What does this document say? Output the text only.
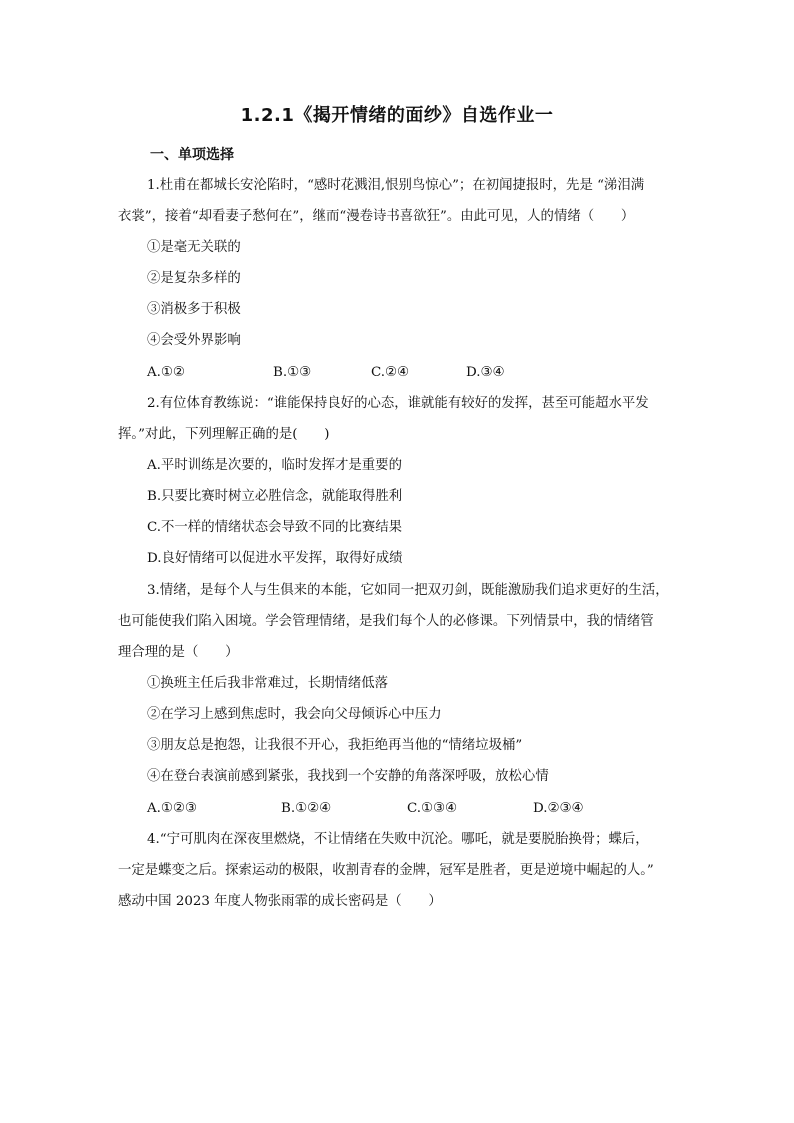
1.2.1《揭开情绪的面纱》自选作业一
一、单项选择
1.杜甫在都城长安沦陷时，“感时花溅泪,恨别鸟惊心”；在初闻捷报时，先是 “涕泪满
衣裳”，接着“却看妻子愁何在”，继而“漫卷诗书喜欲狂”。由此可见，人的情绪（　　）
①是毫无关联的
②是复杂多样的
③消极多于积极
④会受外界影响
A.①②	B.①③	C.②④	D.③④
2.有位体育教练说：“谁能保持良好的心态，谁就能有较好的发挥，甚至可能超水平发
挥。”对此，下列理解正确的是(　　)
A.平时训练是次要的，临时发挥才是重要的
B.只要比赛时树立必胜信念，就能取得胜利
C.不一样的情绪状态会导致不同的比赛结果
D.良好情绪可以促进水平发挥，取得好成绩
3.情绪，是每个人与生俱来的本能，它如同一把双刃剑，既能激励我们追求更好的生活，
也可能使我们陷入困境。学会管理情绪，是我们每个人的必修课。下列情景中，我的情绪管
理合理的是（　　）
①换班主任后我非常难过，长期情绪低落
②在学习上感到焦虑时，我会向父母倾诉心中压力
③朋友总是抱怨，让我很不开心，我拒绝再当他的“情绪垃圾桶”
④在登台表演前感到紧张，我找到一个安静的角落深呼吸，放松心情
A.①②③	B.①②④	C.①③④	D.②③④
4.“宁可肌肉在深夜里燃烧，不让情绪在失败中沉沦。哪吒，就是要脱胎换骨；蝶后，
一定是蝶变之后。探索运动的极限，收割青春的金牌，冠军是胜者，更是逆境中崛起的人。”
感动中国 2023 年度人物张雨霏的成长密码是（　　）
